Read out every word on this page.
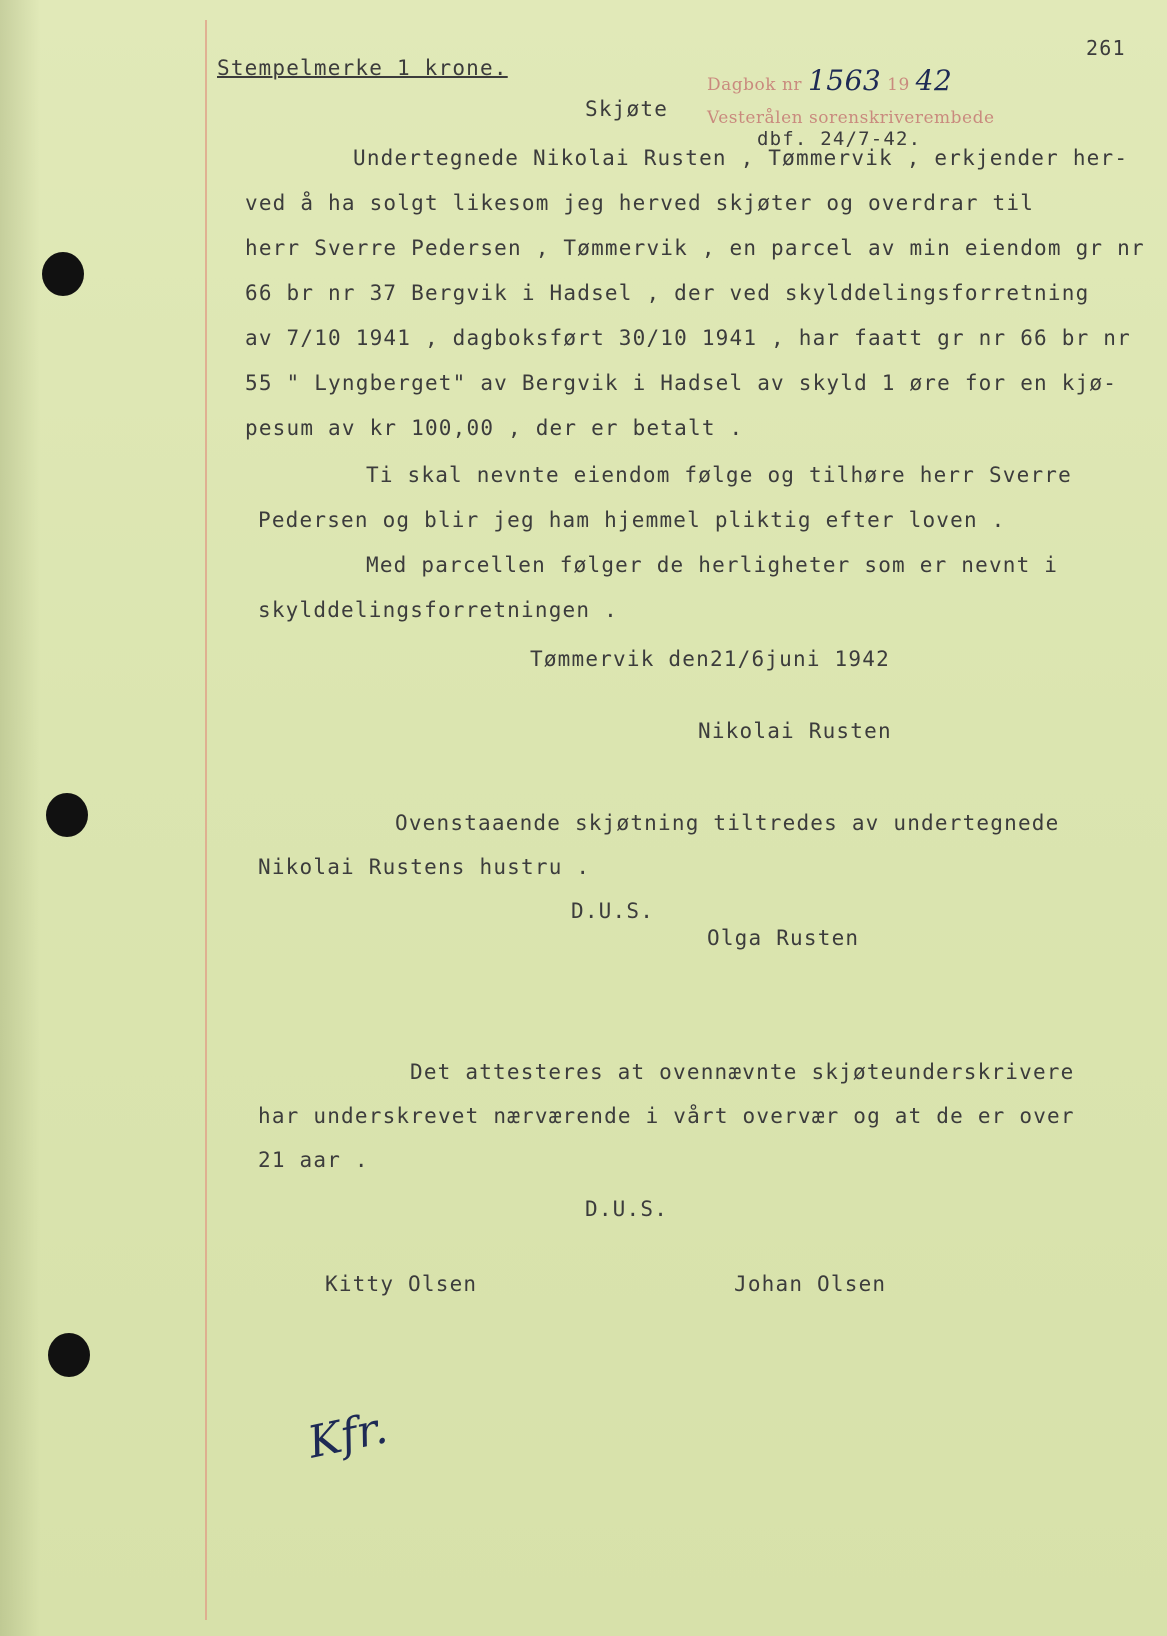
261
Stempelmerke 1 krone.
Dagbok nr 1563 19 42
Vesterålen sorenskriverembede
dbf. 24/7-42.
Skjøte
Undertegnede Nikolai Rusten , Tømmervik , erkjender her-
ved å ha solgt likesom jeg herved skjøter og overdrar til
herr Sverre Pedersen , Tømmervik , en parcel av min eiendom gr nr
66 br nr 37 Bergvik i Hadsel , der ved skylddelingsforretning
av 7/10 1941 , dagboksført 30/10 1941 , har faatt gr nr 66 br nr
55 " Lyngberget" av Bergvik i Hadsel av skyld 1 øre for en kjø-
pesum av kr 100,00 , der er betalt .
Ti skal nevnte eiendom følge og tilhøre herr Sverre
Pedersen og blir jeg ham hjemmel pliktig efter loven .
Med parcellen følger de herligheter som er nevnt i
skylddelingsforretningen .
Tømmervik den21/6juni 1942
Nikolai Rusten
Ovenstaaende skjøtning tiltredes av undertegnede
Nikolai Rustens hustru .
D.U.S.
Olga Rusten
Det attesteres at ovennævnte skjøteunderskrivere
har underskrevet nærværende i vårt overvær og at de er over
21 aar .
D.U.S.
Kitty Olsen	Johan Olsen
Kfr.
